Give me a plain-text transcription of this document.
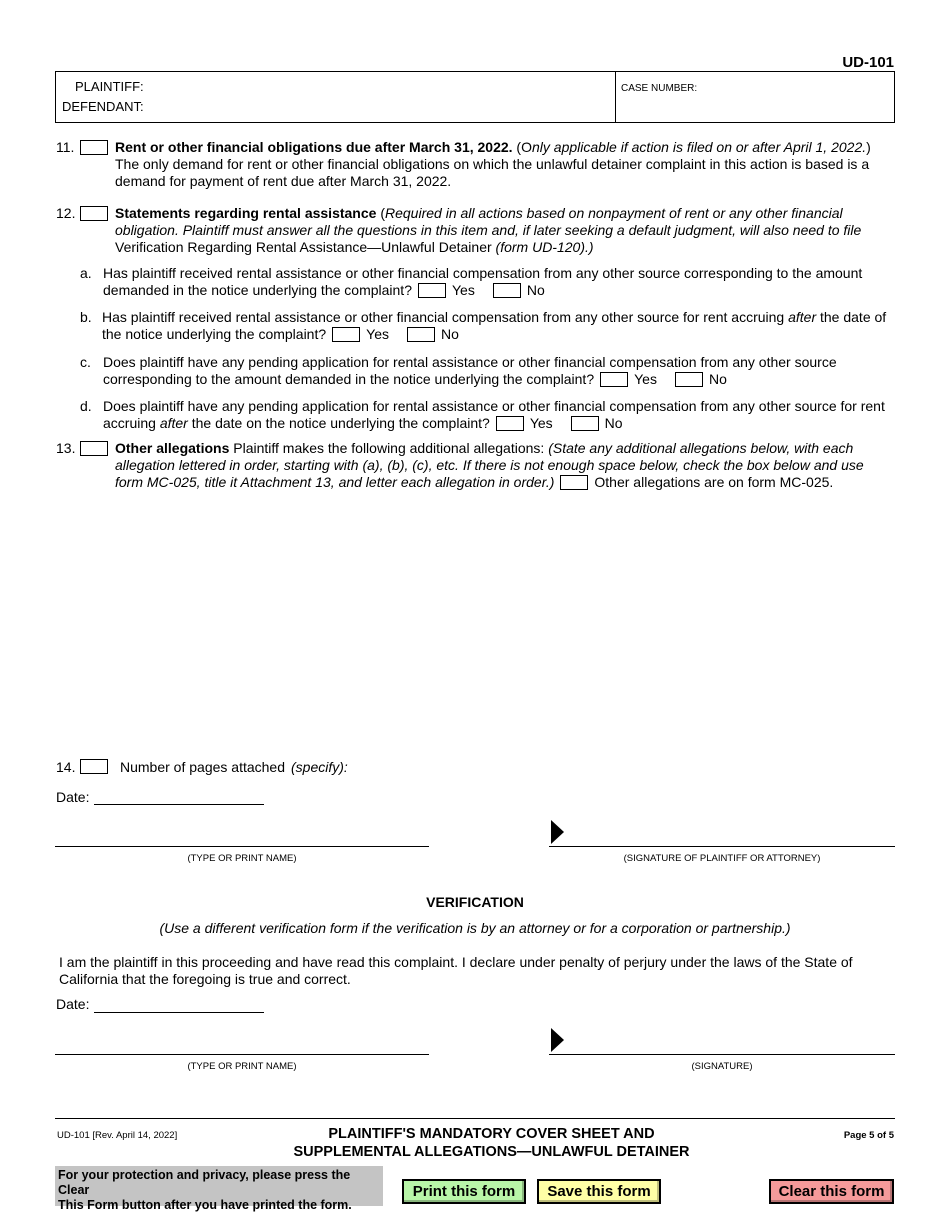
UD-101
PLAINTIFF:
DEFENDANT:
CASE NUMBER:
11.	Rent or other financial obligations due after March 31, 2022. (Only applicable if action is filed on or after April 1, 2022.)
The only demand for rent or other financial obligations on which the unlawful detainer complaint in this action is based is a
demand for payment of rent due after March 31, 2022.
12.	Statements regarding rental assistance (Required in all actions based on nonpayment of rent or any other financial
obligation. Plaintiff must answer all the questions in this item and, if later seeking a default judgment, will also need to file
Verification Regarding Rental Assistance—Unlawful Detainer (form UD-120).)
a. Has plaintiff received rental assistance or other financial compensation from any other source corresponding to the amount
demanded in the notice underlying the complaint?	Yes	No
b. Has plaintiff received rental assistance or other financial compensation from any other source for rent accruing after the date of
the notice underlying the complaint?	Yes	No
c. Does plaintiff have any pending application for rental assistance or other financial compensation from any other source
corresponding to the amount demanded in the notice underlying the complaint?	Yes	No
d. Does plaintiff have any pending application for rental assistance or other financial compensation from any other source for rent
accruing after the date on the notice underlying the complaint?	Yes	No
13.	Other allegations Plaintiff makes the following additional allegations: (State any additional allegations below, with each
allegation lettered in order, starting with (a), (b), (c), etc. If there is not enough space below, check the box below and use
form MC-025, title it Attachment 13, and letter each allegation in order.)	Other allegations are on form MC-025.
14.	Number of pages attached (specify):
Date:
(TYPE OR PRINT NAME)	(SIGNATURE OF PLAINTIFF OR ATTORNEY)
VERIFICATION
(Use a different verification form if the verification is by an attorney or for a corporation or partnership.)
I am the plaintiff in this proceeding and have read this complaint. I declare under penalty of perjury under the laws of the State of
California that the foregoing is true and correct.
Date:
(TYPE OR PRINT NAME)	(SIGNATURE)
UD-101 [Rev. April 14, 2022]	PLAINTIFF'S MANDATORY COVER SHEET AND
SUPPLEMENTAL ALLEGATIONS—UNLAWFUL DETAINER
Page 5 of 5
For your protection and privacy, please press the Clear
This Form button after you have printed the form.
Print this form	Save this form	Clear this form
